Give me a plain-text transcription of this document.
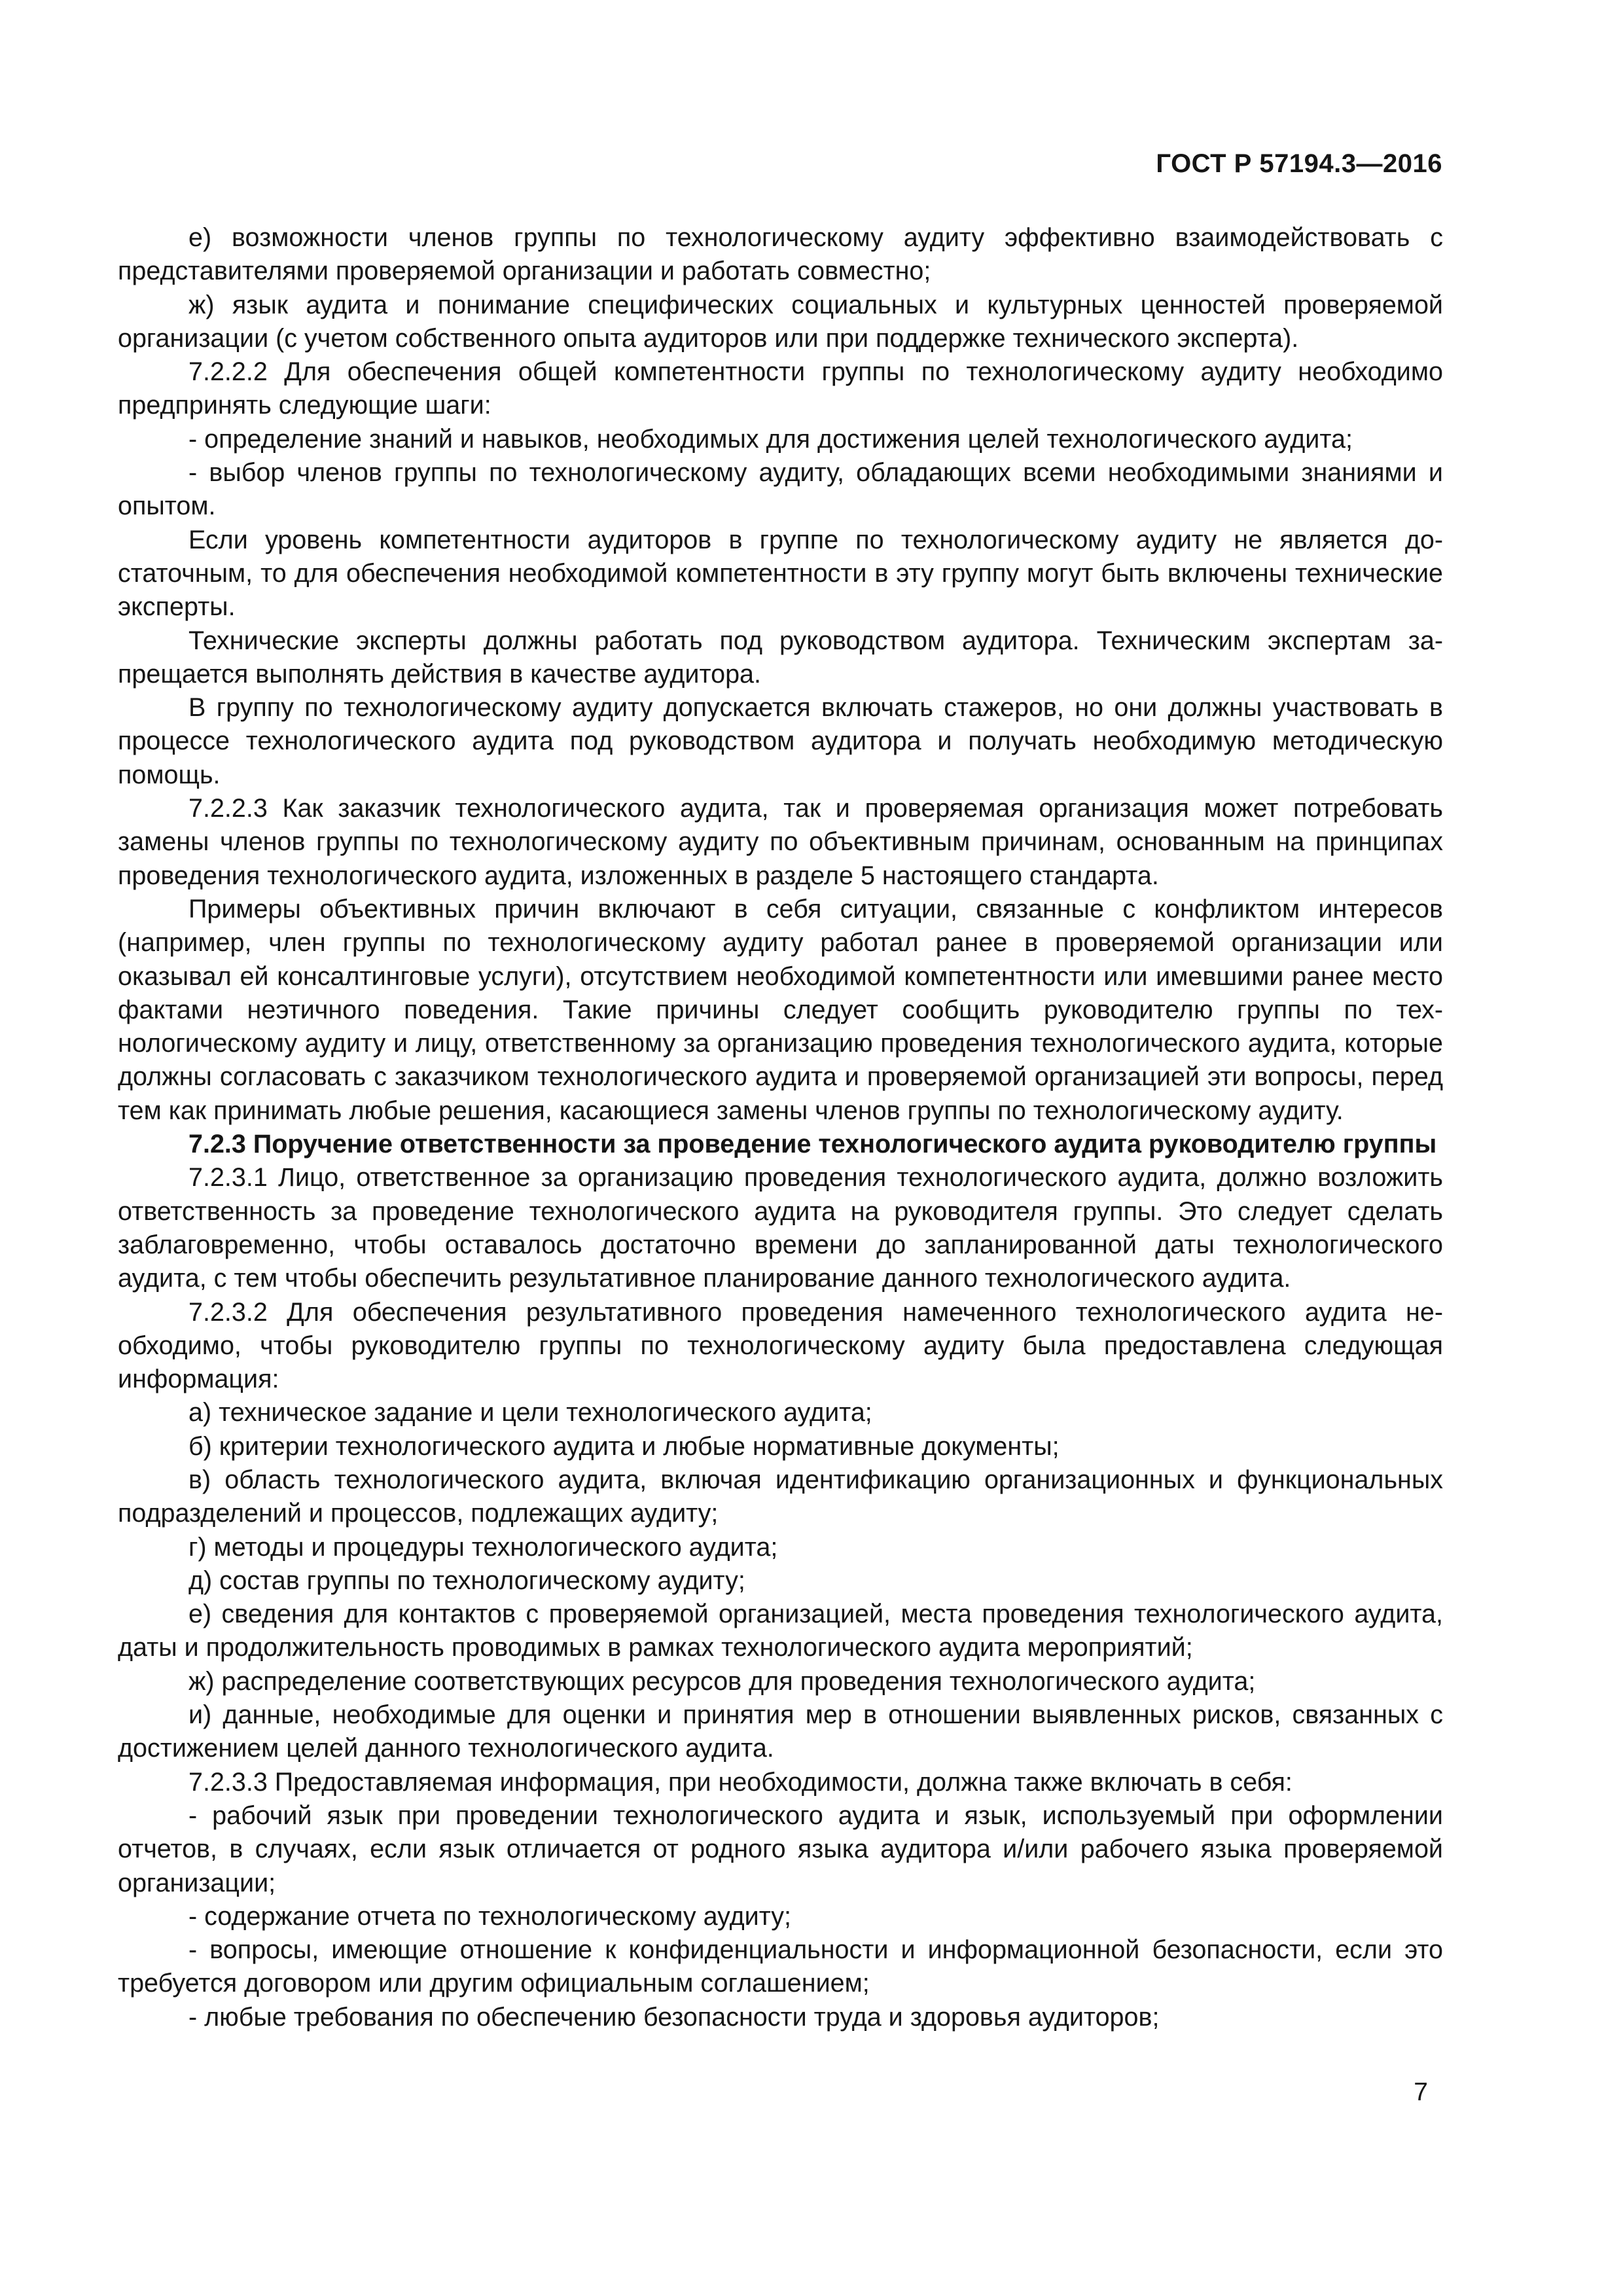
ГОСТ Р 57194.3—2016

е) возможности членов группы по технологическому аудиту эффективно взаимодействовать с представителями проверяемой организации и работать совместно;

ж) язык аудита и понимание специфических социальных и культурных ценностей проверяемой организации (с учетом собственного опыта аудиторов или при поддержке технического эксперта).

7.2.2.2 Для обеспечения общей компетентности группы по технологическому аудиту необходимо предпринять следующие шаги:

- определение знаний и навыков, необходимых для достижения целей технологического аудита;

- выбор членов группы по технологическому аудиту, обладающих всеми необходимыми знаниями и опытом.

Если уровень компетентности аудиторов в группе по технологическому аудиту не является достаточным, то для обеспечения необходимой компетентности в эту группу могут быть включены технические эксперты.

Технические эксперты должны работать под руководством аудитора. Техническим экспертам запрещается выполнять действия в качестве аудитора.

В группу по технологическому аудиту допускается включать стажеров, но они должны участвовать в процессе технологического аудита под руководством аудитора и получать необходимую методическую помощь.

7.2.2.3 Как заказчик технологического аудита, так и проверяемая организация может потребовать замены членов группы по технологическому аудиту по объективным причинам, основанным на принципах проведения технологического аудита, изложенных в разделе 5 настоящего стандарта.

Примеры объективных причин включают в себя ситуации, связанные с конфликтом интересов (например, член группы по технологическому аудиту работал ранее в проверяемой организации или оказывал ей консалтинговые услуги), отсутствием необходимой компетентности или имевшими ранее место фактами неэтичного поведения. Такие причины следует сообщить руководителю группы по технологическому аудиту и лицу, ответственному за организацию проведения технологического аудита, которые должны согласовать с заказчиком технологического аудита и проверяемой организацией эти вопросы, перед тем как принимать любые решения, касающиеся замены членов группы по технологическому аудиту.

7.2.3 Поручение ответственности за проведение технологического аудита руководителю группы

7.2.3.1 Лицо, ответственное за организацию проведения технологического аудита, должно возложить ответственность за проведение технологического аудита на руководителя группы. Это следует сделать заблаговременно, чтобы оставалось достаточно времени до запланированной даты технологического аудита, с тем чтобы обеспечить результативное планирование данного технологического аудита.

7.2.3.2 Для обеспечения результативного проведения намеченного технологического аудита необходимо, чтобы руководителю группы по технологическому аудиту была предоставлена следующая информация:

а) техническое задание и цели технологического аудита;

б) критерии технологического аудита и любые нормативные документы;

в) область технологического аудита, включая идентификацию организационных и функциональных подразделений и процессов, подлежащих аудиту;

г) методы и процедуры технологического аудита;

д) состав группы по технологическому аудиту;

е) сведения для контактов с проверяемой организацией, места проведения технологического аудита, даты и продолжительность проводимых в рамках технологического аудита мероприятий;

ж) распределение соответствующих ресурсов для проведения технологического аудита;

и) данные, необходимые для оценки и принятия мер в отношении выявленных рисков, связанных с достижением целей данного технологического аудита.

7.2.3.3 Предоставляемая информация, при необходимости, должна также включать в себя:

- рабочий язык при проведении технологического аудита и язык, используемый при оформлении отчетов, в случаях, если язык отличается от родного языка аудитора и/или рабочего языка проверяемой организации;

- содержание отчета по технологическому аудиту;

- вопросы, имеющие отношение к конфиденциальности и информационной безопасности, если это требуется договором или другим официальным соглашением;

- любые требования по обеспечению безопасности труда и здоровья аудиторов;

7
